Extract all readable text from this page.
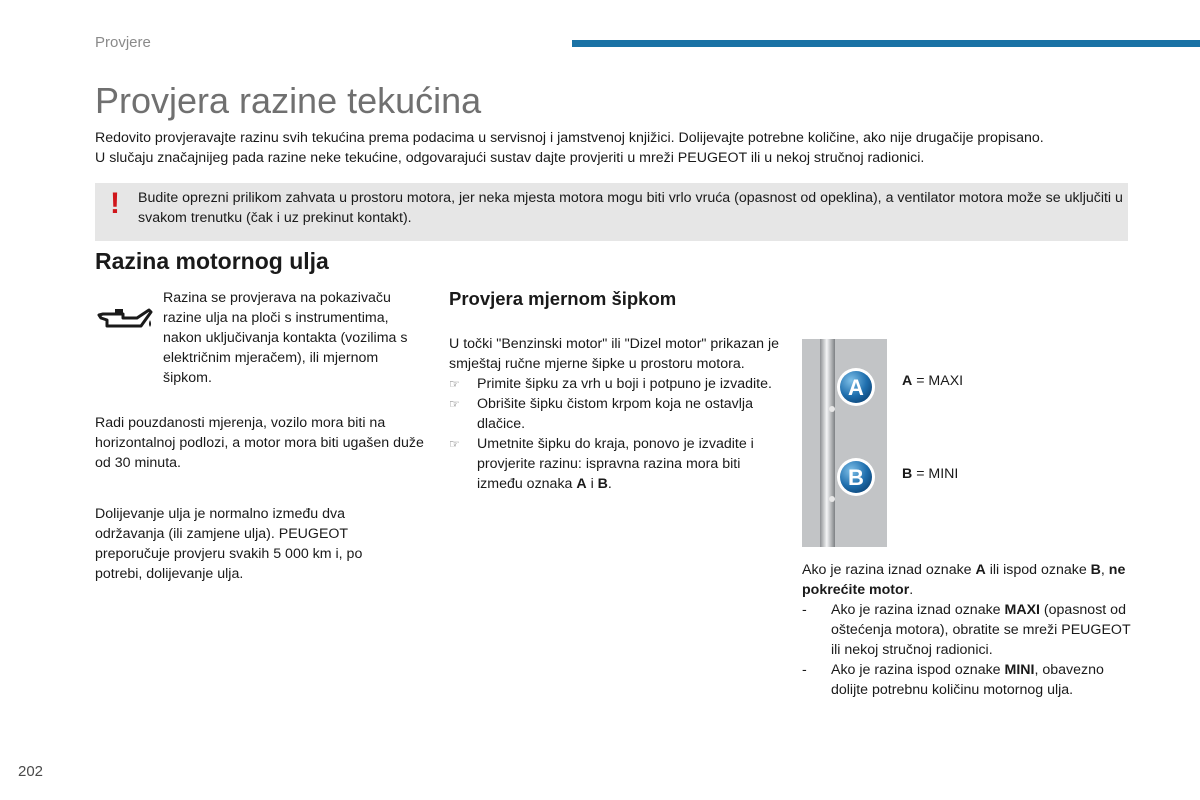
Provjere
Provjera razine tekućina

Redovito provjeravajte razinu svih tekućina prema podacima u servisnoj i jamstvenoj knjižici. Dolijevajte potrebne količine, ako nije drugačije propisano.

U slučaju značajnijeg pada razine neke tekućine, odgovarajući sustav dajte provjeriti u mreži PEUGEOT ili u nekoj stručnoj radionici.

! Budite oprezni prilikom zahvata u prostoru motora, jer neka mjesta motora mogu biti vrlo vruća (opasnost od opeklina), a ventilator motora može se uključiti u svakom trenutku (čak i uz prekinut kontakt).
Razina motornog ulja
Razina se provjerava na pokazivaču razine ulja na ploči s instrumentima, nakon uključivanja kontakta (vozilima s električnim mjeračem), ili mjernom šipkom.
Radi pouzdanosti mjerenja, vozilo mora biti na horizontalnoj podlozi, a motor mora biti ugašen duže od 30 minuta.
Dolijevanje ulja je normalno između dva održavanja (ili zamjene ulja). PEUGEOT preporučuje provjeru svakih 5 000 km i, po potrebi, dolijevanje ulja.
Provjera mjernom šipkom

U točki "Benzinski motor" ili "Dizel motor" prikazan je smještaj ručne mjerne šipke u prostoru motora.

☞ Primite šipku za vrh u boji i potpuno je izvadite.
☞ Obrišite šipku čistom krpom koja ne ostavlja dlačice.
☞ Umetnite šipku do kraja, ponovo je izvadite i provjerite razinu: ispravna razina mora biti između oznaka A i B.
A
B
A = MAXI
B = MINI

Ako je razina iznad oznake A ili ispod oznake B, ne pokrećite motor.

- Ako je razina iznad oznake MAXI (opasnost od oštećenja motora), obratite se mreži PEUGEOT ili nekoj stručnoj radionici.
- Ako je razina ispod oznake MINI, obavezno dolijte potrebnu količinu motornog ulja.
202
